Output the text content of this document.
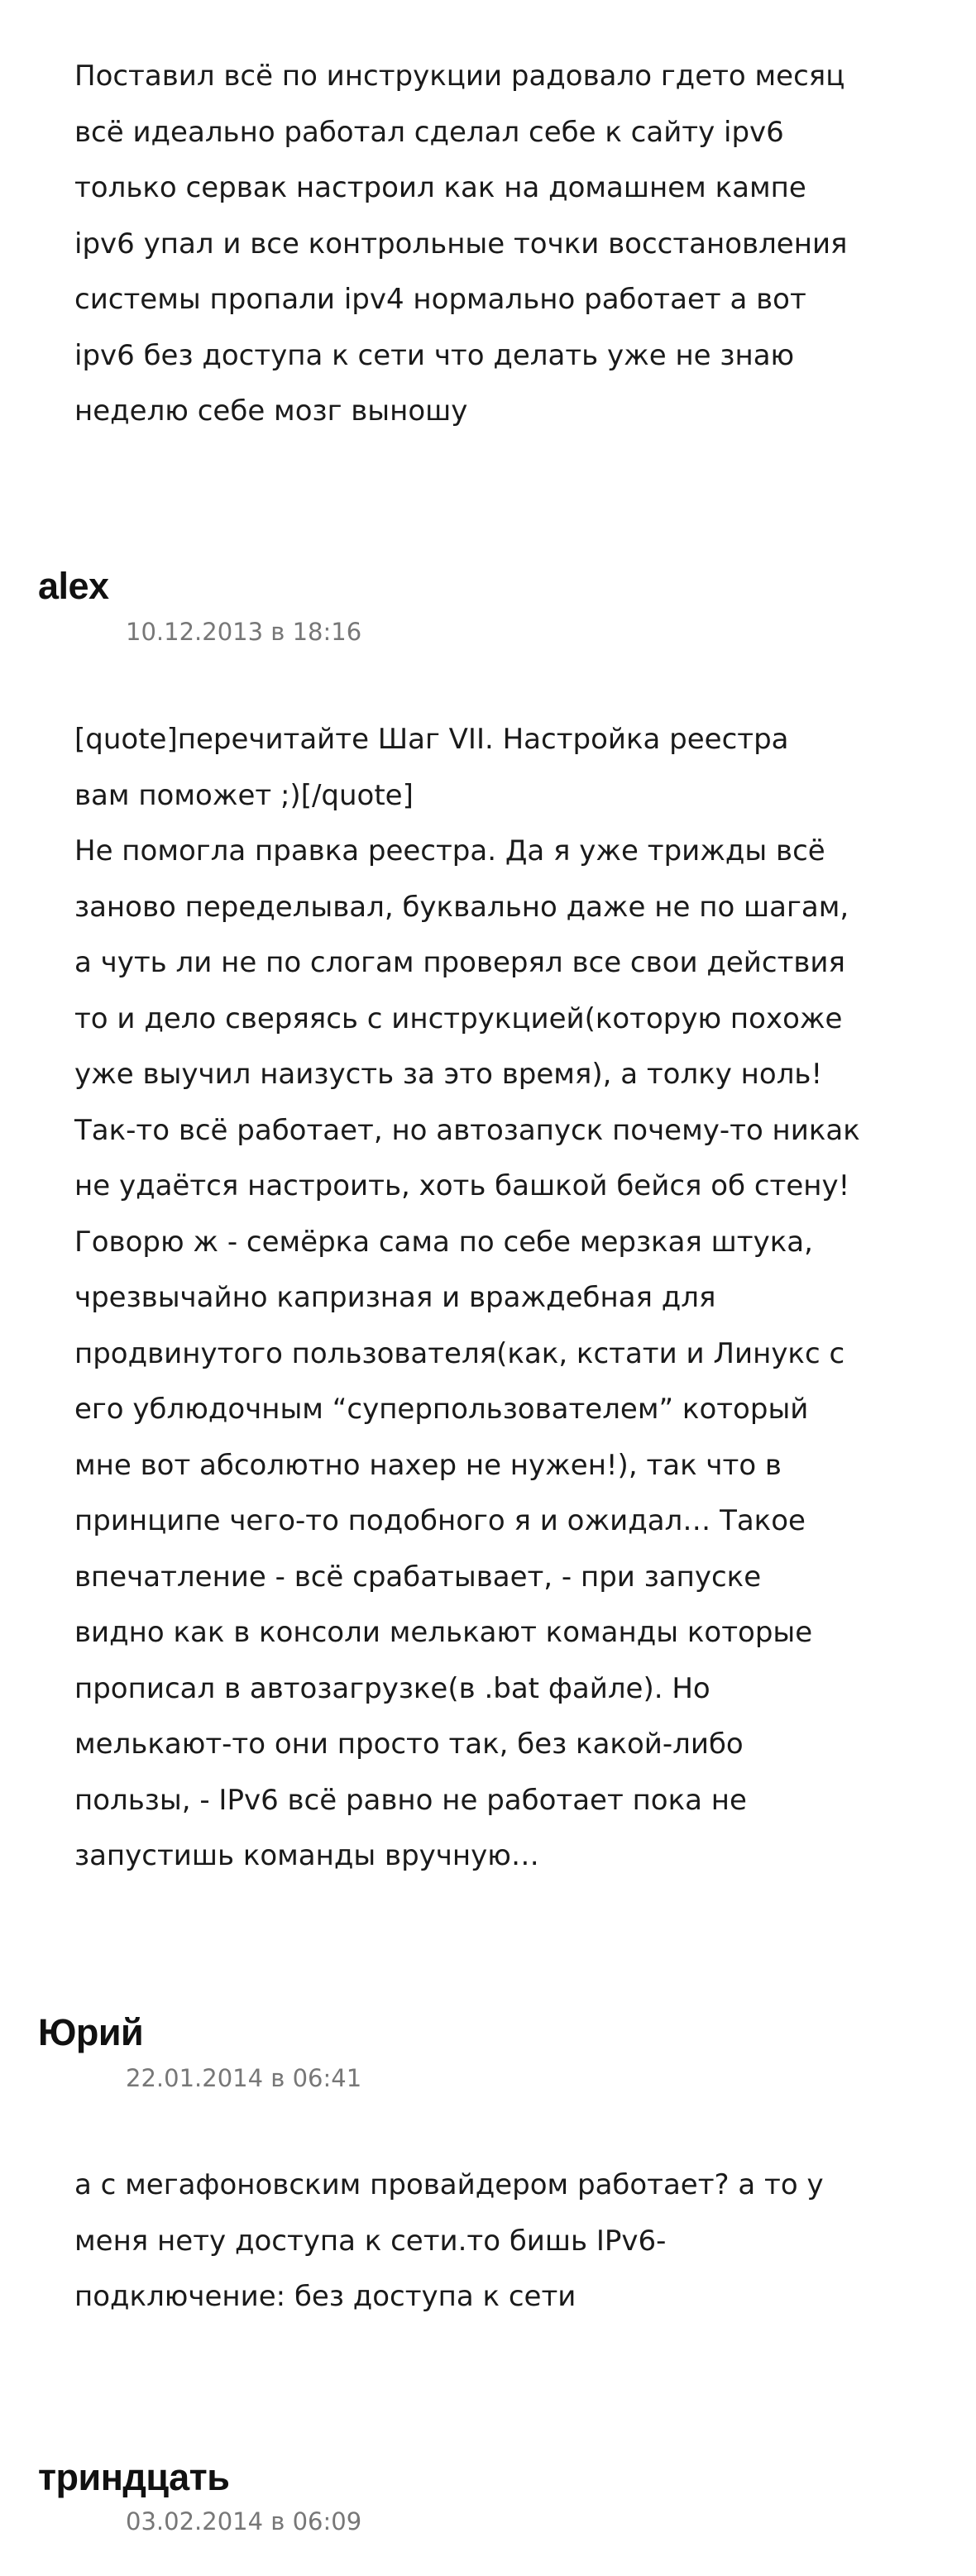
Поставил всё по инструкции радовало гдето месяц
всё идеально работал сделал себе к сайту ipv6
только сервак настроил как на домашнем кампе
ipv6 упал и все контрольные точки восстановления
системы пропали ipv4 нормально работает а вот
ipv6 без доступа к сети что делать уже не знаю
неделю себе мозг выношу

alex
10.12.2013 в 18:16

[quote]перечитайте Шаг VII. Настройка реестра
вам поможет ;)[/quote]
Не помогла правка реестра. Да я уже трижды всё
заново переделывал, буквально даже не по шагам,
а чуть ли не по слогам проверял все свои действия
то и дело сверяясь с инструкцией(которую похоже
уже выучил наизусть за это время), а толку ноль!
Так-то всё работает, но автозапуск почему-то никак
не удаётся настроить, хоть башкой бейся об стену!
Говорю ж - семёрка сама по себе мерзкая штука,
чрезвычайно капризная и враждебная для
продвинутого пользователя(как, кстати и Линукс с
его ублюдочным “суперпользователем” который
мне вот абсолютно нахер не нужен!), так что в
принципе чего-то подобного я и ожидал… Такое
впечатление - всё срабатывает, - при запуске
видно как в консоли мелькают команды которые
прописал в автозагрузке(в .bat файле). Но
мелькают-то они просто так, без какой-либо
пользы, - IPv6 всё равно не работает пока не
запустишь команды вручную…

Юрий
22.01.2014 в 06:41

а с мегафоновским провайдером работает? а то у
меня нету доступа к сети.то бишь IPv6-
подключение: без доступа к сети

триндцать
03.02.2014 в 06:09
